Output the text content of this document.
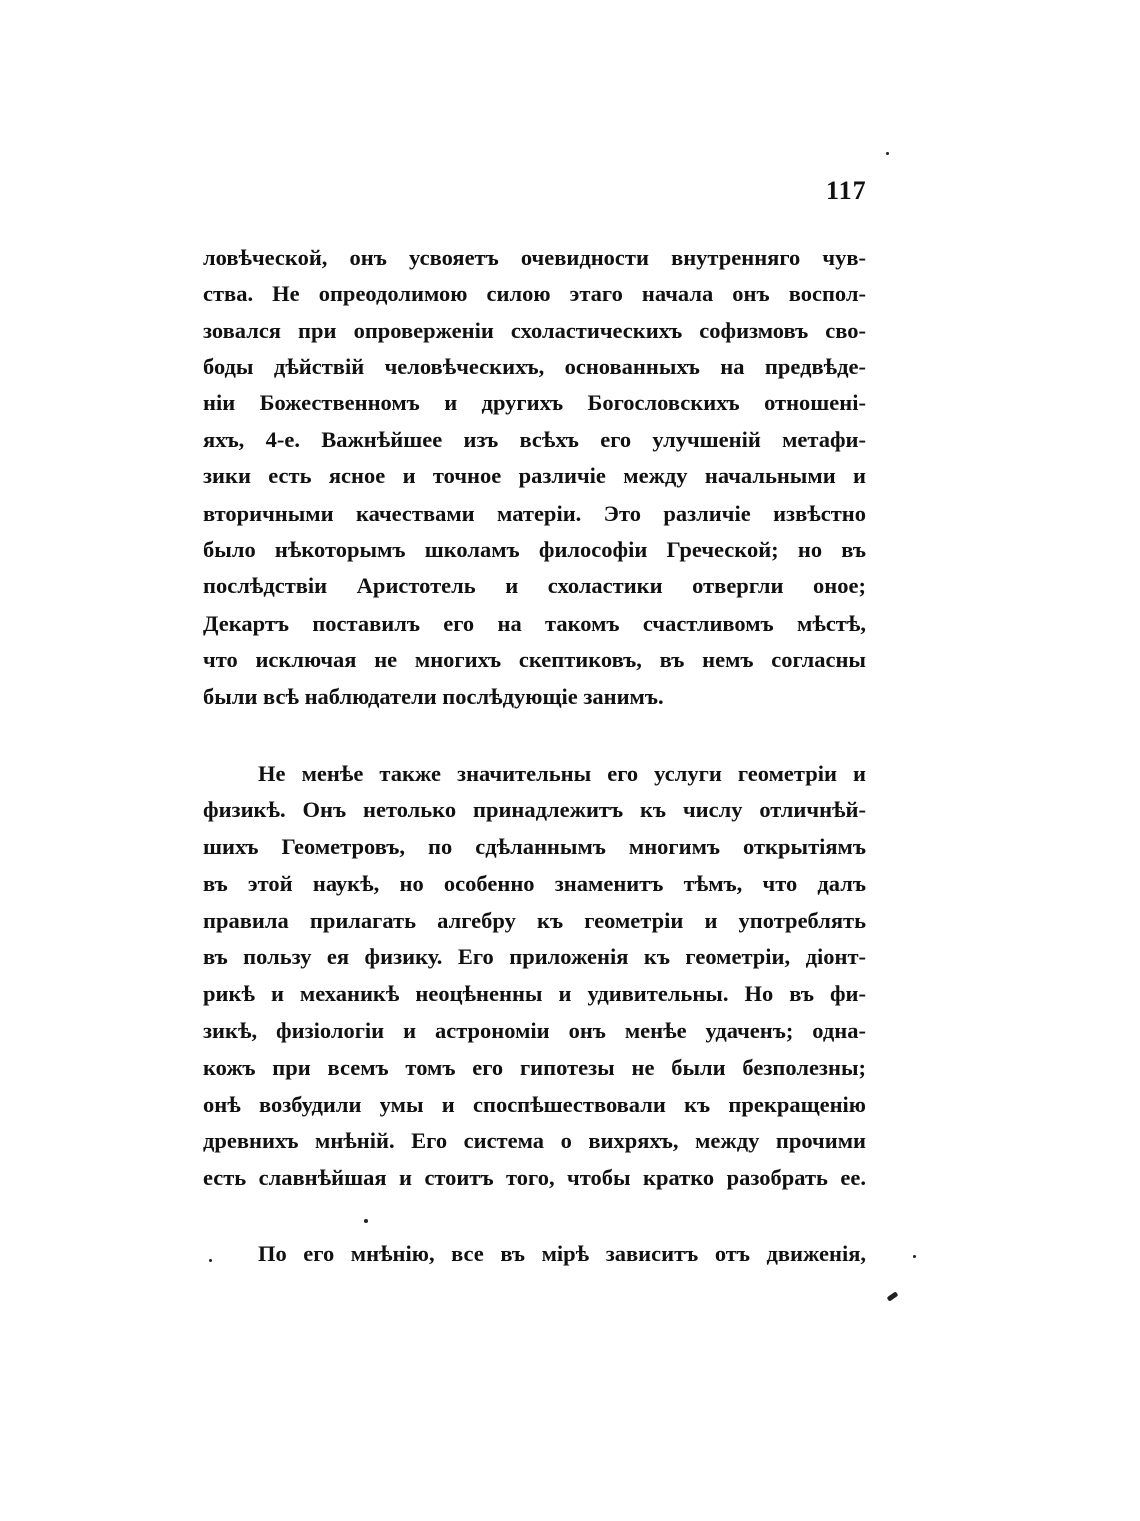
117
ловѣческой, онъ усвояетъ очевидности внутренняго чув-
ства. Не опреодолимою силою этаго начала онъ воспол-
зовался при опроверженіи схоластическихъ софизмовъ сво-
боды дѣйствій человѣческихъ, основанныхъ на предвѣде-
ніи Божественномъ и другихъ Богословскихъ отношені-
яхъ, 4-е. Важнѣйшее изъ всѣхъ его улучшеній метафи-
зики есть ясное и точное различіе между начальными и
вторичными качествами матеріи. Это различіе извѣстно
было нѣкоторымъ школамъ философіи Греческой; но въ
послѣдствіи Аристотель и схоластики отвергли оное;
Декартъ поставилъ его на такомъ счастливомъ мѣстѣ,
что исключая не многихъ скептиковъ, въ немъ согласны
были всѣ наблюдатели послѣдующіе занимъ.
Не менѣе также значительны его услуги геометріи и
физикѣ. Онъ нетолько принадлежитъ къ числу отличнѣй-
шихъ Геометровъ, по сдѣланнымъ многимъ открытіямъ
въ этой наукѣ, но особенно знаменитъ тѣмъ, что далъ
правила прилагать алгебру къ геометріи и употреблять
въ пользу ея физику. Его приложенія къ геометріи, діонт-
рикѣ и механикѣ неоцѣненны и удивительны. Но въ фи-
зикѣ, физіологіи и астрономіи онъ менѣе удаченъ; одна-
кожъ при всемъ томъ его гипотезы не были безполезны;
онѣ возбудили умы и споспѣшествовали къ прекращенію
древнихъ мнѣній. Его система о вихряхъ, между прочими
есть славнѣйшая и стоитъ того, чтобы кратко разобрать ее.
По его мнѣнію, все въ мірѣ зависитъ отъ движенія,
